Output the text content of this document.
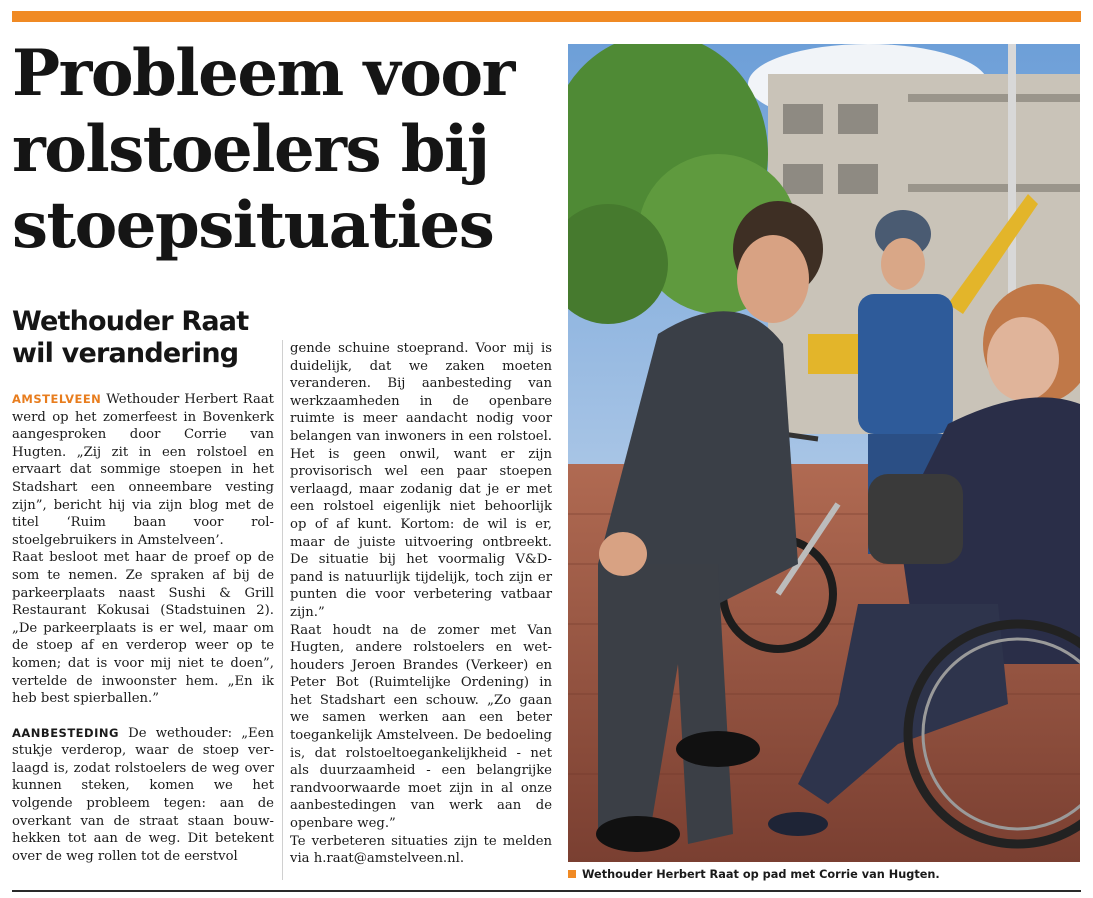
Probleem voor rolstoelers bij stoepsituaties
Wethouder Raat wil verandering

AMSTELVEEN Wethouder Herbert Raat werd op het zomerfeest in Bovenkerk aangesproken door Corrie van Hugten. „Zij zit in een rolstoel en ervaart dat sommige stoepen in het Stadshart een onneembare vesting zijn”, bericht hij via zijn blog met de titel ‘Ruim baan voor rolstoelgebruikers in Amstelveen’.

Raat besloot met haar de proef op de som te nemen. Ze spraken af bij de parkeerplaats naast Sushi & Grill Restaurant Kokusai (Stadstuinen 2). „De parkeerplaats is er wel, maar om de stoep af en verderop weer op te komen; dat is voor mij niet te doen”, vertelde de inwoonster hem. „En ik heb best spierballen.”

AANBESTEDING De wethouder: „Een stukje verderop, waar de stoep verlaagd is, zodat rolstoelers de weg over kunnen steken, komen we het volgende probleem tegen: aan de overkant van de straat staan bouwhekken tot aan de weg. Dit betekent over de weg rollen tot de eerstvol

gende schuine stoeprand. Voor mij is duidelijk, dat we zaken moeten veranderen. Bij aanbesteding van werkzaamheden in de openbare ruimte is meer aandacht nodig voor belangen van inwoners in een rolstoel. Het is geen onwil, want er zijn provisorisch wel een paar stoepen verlaagd, maar zodanig dat je er met een rolstoel eigenlijk niet behoorlijk op of af kunt. Kortom: de wil is er, maar de juiste uitvoering ontbreekt. De situatie bij het voormalig V&D-pand is natuurlijk tijdelijk, toch zijn er punten die voor verbetering vatbaar zijn.”

Raat houdt na de zomer met Van Hugten, andere rolstoelers en wethouders Jeroen Brandes (Verkeer) en Peter Bot (Ruimtelijke Ordening) in het Stadshart een schouw. „Zo gaan we samen werken aan een beter toegankelijk Amstelveen. De bedoeling is, dat rolstoeltoegankelijkheid - net als duurzaamheid - een belangrijke randvoorwaarde moet zijn in al onze aanbestedingen van werk aan de openbare weg.”

Te verbeteren situaties zijn te melden via h.raat@amstelveen.nl.

Wethouder Herbert Raat op pad met Corrie van Hugten.
